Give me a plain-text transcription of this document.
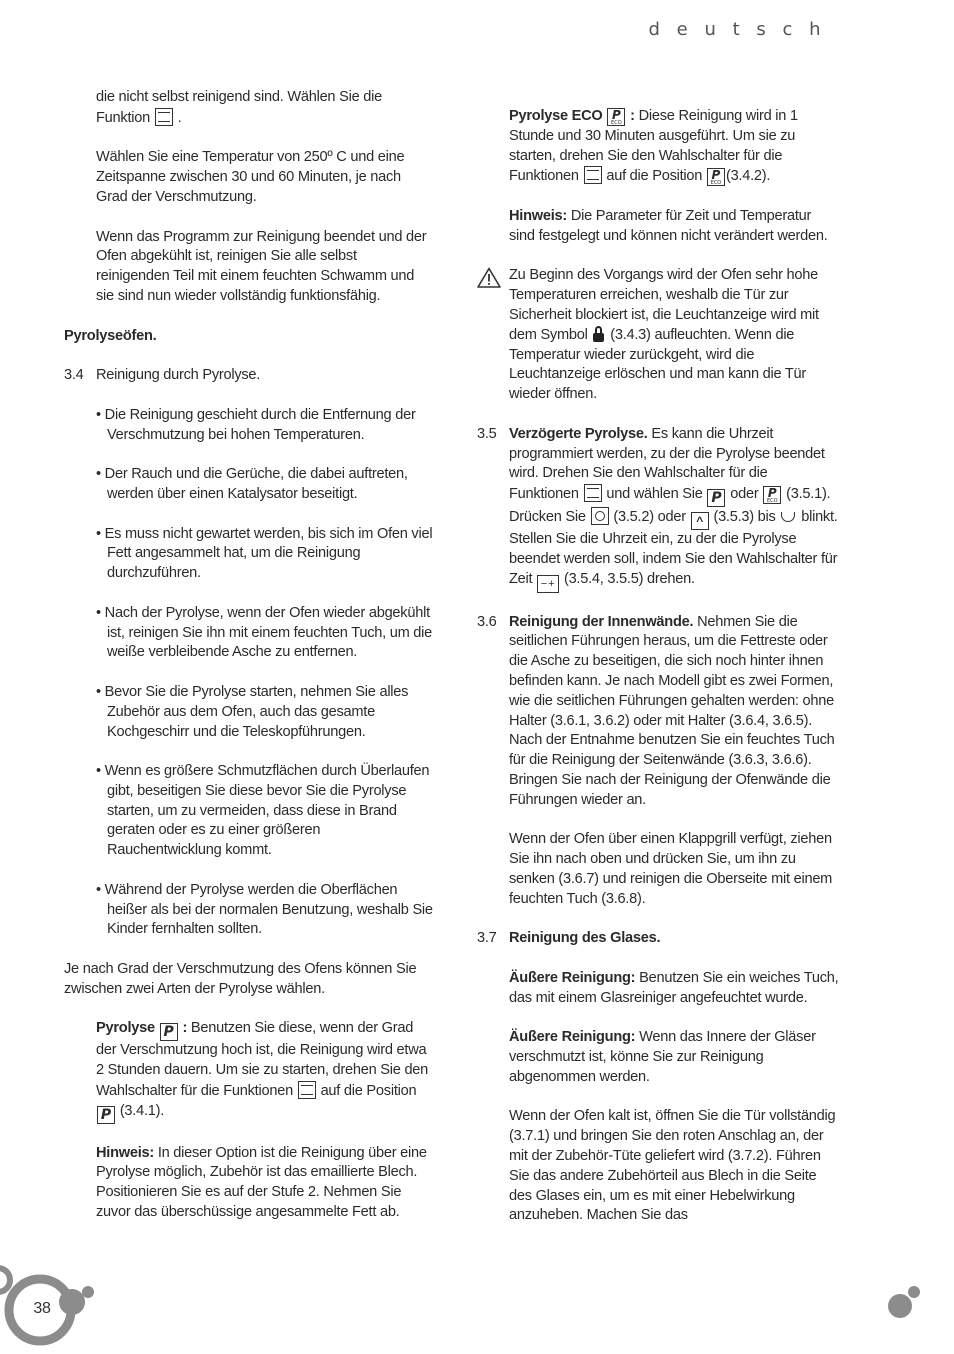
d e u t s c h

die nicht selbst reinigend sind. Wählen Sie die
Funktion .

Wählen Sie eine Temperatur von 250º C und eine Zeitspanne zwischen 30 und 60 Minuten, je nach Grad der Verschmutzung.

Wenn das Programm zur Reinigung beendet und der Ofen abgekühlt ist, reinigen Sie alle selbst reinigenden Teil mit einem feuchten Schwamm und sie sind nun wieder vollständig funktionsfähig.

Pyrolyseöfen.

3.4 Reinigung durch Pyrolyse.

• Die Reinigung geschieht durch die Entfernung der Verschmutzung bei hohen Temperaturen.

• Der Rauch und die Gerüche, die dabei auftreten, werden über einen Katalysator beseitigt.

• Es muss nicht gewartet werden, bis sich im Ofen viel Fett angesammelt hat, um die Reinigung durchzuführen.

• Nach der Pyrolyse, wenn der Ofen wieder abgekühlt ist, reinigen Sie ihn mit einem feuchten Tuch, um die weiße verbleibende Asche zu entfernen.

• Bevor Sie die Pyrolyse starten, nehmen Sie alles Zubehör aus dem Ofen, auch das gesamte Kochgeschirr und die Teleskopführungen.

• Wenn es größere Schmutzflächen durch Überlaufen gibt, beseitigen Sie diese bevor Sie die Pyrolyse starten, um zu vermeiden, dass diese in Brand geraten oder es zu einer größeren Rauchentwicklung kommt.

• Während der Pyrolyse werden die Oberflächen heißer als bei der normalen Benutzung, weshalb Sie Kinder fernhalten sollten.

Je nach Grad der Verschmutzung des Ofens können Sie zwischen zwei Arten der Pyrolyse wählen.

Pyrolyse P : Benutzen Sie diese, wenn der Grad der Verschmutzung hoch ist, die Reinigung wird etwa 2 Stunden dauern. Um sie zu starten, drehen Sie den Wahlschalter für die Funktionen auf die Position P (3.4.1).

Hinweis: In dieser Option ist die Reinigung über eine Pyrolyse möglich, Zubehör ist das emaillierte Blech. Positionieren Sie es auf der Stufe 2. Nehmen Sie zuvor das überschüssige angesammelte Fett ab.

Pyrolyse ECO P
ECO : Diese Reinigung wird in 1 Stunde und 30 Minuten ausgeführt. Um sie zu starten, drehen Sie den Wahlschalter für die Funktionen auf die Position P
ECO (3.4.2).

Hinweis: Die Parameter für Zeit und Temperatur sind festgelegt und können nicht verändert werden.

Zu Beginn des Vorgangs wird der Ofen sehr hohe Temperaturen erreichen, weshalb die Tür zur Sicherheit blockiert ist, die Leuchtanzeige wird mit dem Symbol (3.4.3) aufleuchten. Wenn die Temperatur wieder zurückgeht, wird die Leuchtanzeige erlöschen und man kann die Tür wieder öffnen.
3.5 Verzögerte Pyrolyse. Es kann die Uhrzeit programmiert werden, zu der die Pyrolyse beendet wird. Drehen Sie den Wahlschalter für die Funktionen und wählen Sie P oder P
ECO (3.5.1). Drücken Sie (3.5.2) oder ^ (3.5.3) bis blinkt. Stellen Sie die Uhrzeit ein, zu der die Pyrolyse beendet werden soll, indem Sie den Wahlschalter für Zeit −+ (3.5.4, 3.5.5) drehen.
3.6 Reinigung der Innenwände. Nehmen Sie die seitlichen Führungen heraus, um die Fettreste oder die Asche zu beseitigen, die sich noch hinter ihnen befinden kann. Je nach Modell gibt es zwei Formen, wie die seitlichen Führungen gehalten werden: ohne Halter (3.6.1, 3.6.2) oder mit Halter (3.6.4, 3.6.5). Nach der Entnahme benutzen Sie ein feuchtes Tuch für die Reinigung der Seitenwände (3.6.3, 3.6.6). Bringen Sie nach der Reinigung der Ofenwände die Führungen wieder an.

Wenn der Ofen über einen Klappgrill verfügt, ziehen Sie ihn nach oben und drücken Sie, um ihn zu senken (3.6.7) und reinigen die Oberseite mit einem feuchten Tuch (3.6.8).

3.7 Reinigung des Glases.

Äußere Reinigung: Benutzen Sie ein weiches Tuch, das mit einem Glasreiniger angefeuchtet wurde.

Äußere Reinigung: Wenn das Innere der Gläser verschmutzt ist, könne Sie zur Reinigung abgenommen werden.

Wenn der Ofen kalt ist, öffnen Sie die Tür vollständig (3.7.1) und bringen Sie den roten Anschlag an, der mit der Zubehör-Tüte geliefert wird (3.7.2). Führen Sie das andere Zubehörteil aus Blech in die Seite des Glases ein, um es mit einer Hebelwirkung anzuheben. Machen Sie das

38
